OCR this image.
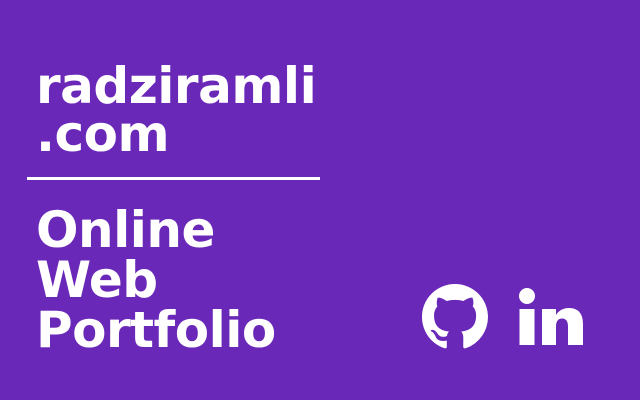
radziramli
.com
Online
Web
Portfolio
